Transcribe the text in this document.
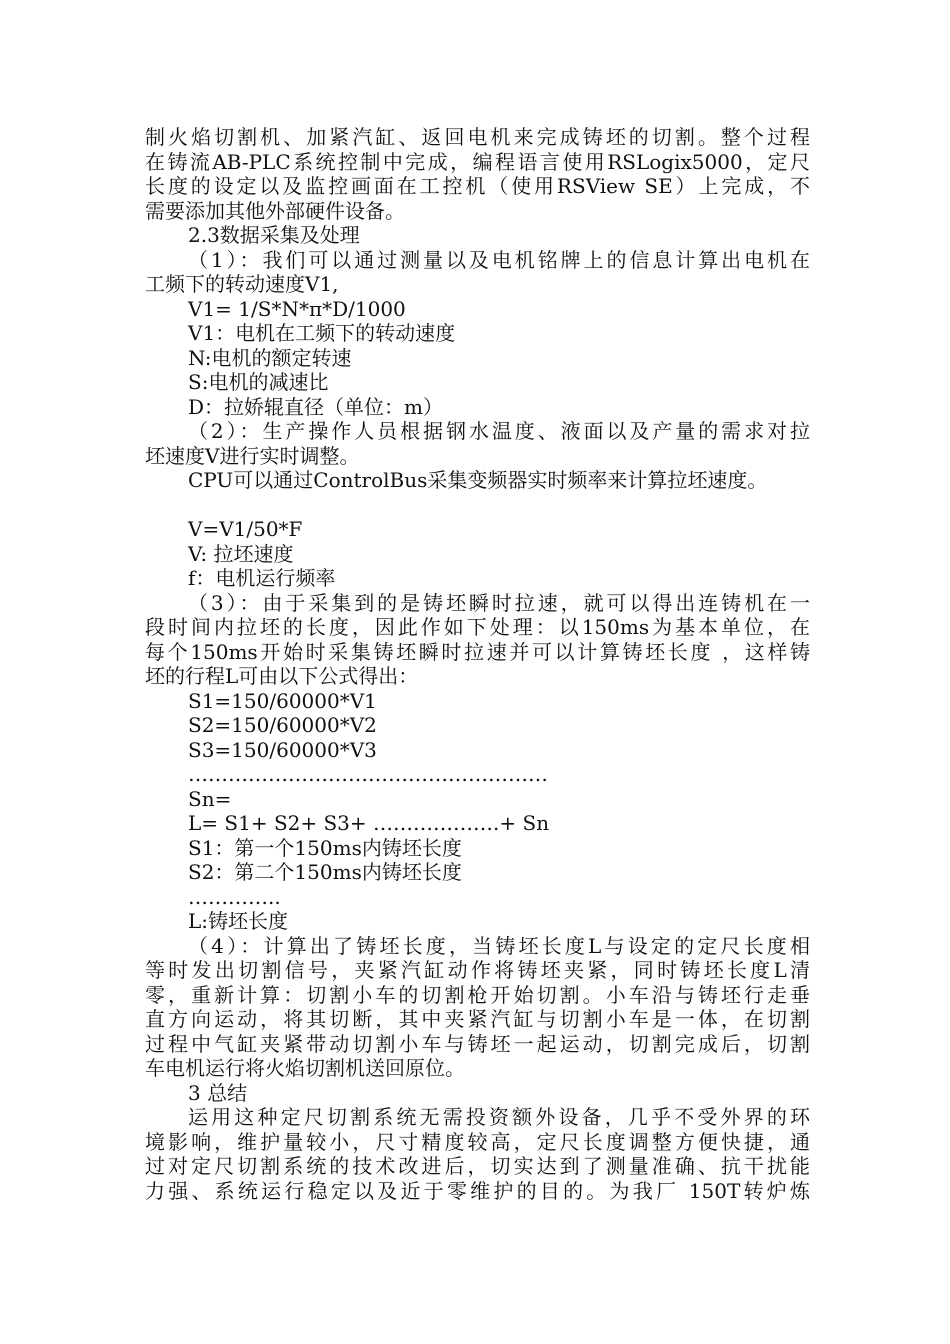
制火焰切割机、加紧汽缸、返回电机来完成铸坯的切割。整个过程
在铸流AB-PLC系统控制中完成，编程语言使用RSLogix5000，定尺
长度的设定以及监控画面在工控机（使用RSView SE）上完成，不
需要添加其他外部硬件设备。
2.3数据采集及处理
（1）：我们可以通过测量以及电机铭牌上的信息计算出电机在
工频下的转动速度V1,
V1= 1/S*N*π*D/1000
V1：电机在工频下的转动速度
N:电机的额定转速
S:电机的减速比
D：拉娇辊直径（单位：m）
（2）：生产操作人员根据钢水温度、液面以及产量的需求对拉
坯速度V进行实时调整。
CPU可以通过ControlBus采集变频器实时频率来计算拉坯速度。
V=V1/50*F
V: 拉坯速度
f：电机运行频率
（3）：由于采集到的是铸坯瞬时拉速，就可以得出连铸机在一
段时间内拉坯的长度，因此作如下处理：以150ms为基本单位，在
每个150ms开始时采集铸坯瞬时拉速并可以计算铸坯长度 ，这样铸
坯的行程L可由以下公式得出：
S1=150/60000*V1
S2=150/60000*V2
S3=150/60000*V3
………………………………………………
Sn=
L= S1+ S2+ S3+ ……………….+ Sn
S1：第一个150ms内铸坯长度
S2：第二个150ms内铸坯长度
…………..
L:铸坯长度
（4）：计算出了铸坯长度，当铸坯长度L与设定的定尺长度相
等时发出切割信号，夹紧汽缸动作将铸坯夹紧，同时铸坯长度L清
零，重新计算：切割小车的切割枪开始切割。小车沿与铸坯行走垂
直方向运动，将其切断，其中夹紧汽缸与切割小车是一体，在切割
过程中气缸夹紧带动切割小车与铸坯一起运动，切割完成后，切割
车电机运行将火焰切割机送回原位。
3 总结
运用这种定尺切割系统无需投资额外设备，几乎不受外界的环
境影响，维护量较小，尺寸精度较高，定尺长度调整方便快捷，通
过对定尺切割系统的技术改进后，切实达到了测量准确、抗干扰能
力强、系统运行稳定以及近于零维护的目的。为我厂 150T转炉炼
